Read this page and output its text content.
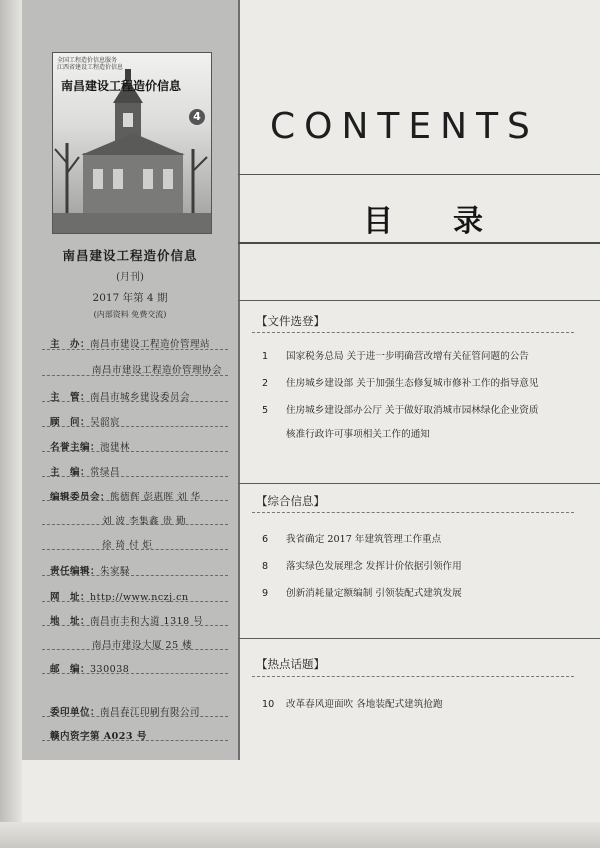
全国工程造价信息服务
江西省建设工程造价信息
南昌建设工程造价信息
4
南昌建设工程造价信息
(月刊)
2017 年第 4 期
(内部资料 免费交流)
主　办：南昌市建设工程造价管理站
南昌市建设工程造价管理协会
主　管：南昌市城乡建设委员会
顾　问：吴韶宸
名誉主编：池建林
主　编：常绿昌
编辑委员会：熊德辉 彭惠晖 刘 华
刘 波 李集鑫 贵 勤
徐 琦 付 炬
责任编辑：朱家騄
网　址：http://www.nczj.cn
地　址：南昌市丰和大道 1318 号
南昌市建设大厦 25 楼
邮　编：330038
委印单位：南昌春江印刷有限公司
赣内资字第 A023 号
CONTENTS
目录
【文件选登】
1 国家税务总局 关于进一步明确营改增有关征管问题的公告
2 住房城乡建设部 关于加强生态修复城市修补工作的指导意见
5 住房城乡建设部办公厅 关于做好取消城市园林绿化企业资质
核准行政许可事项相关工作的通知
【综合信息】
6 我省确定 2017 年建筑管理工作重点
8 落实绿色发展理念 发挥计价依据引领作用
9 创新消耗量定额编制 引领装配式建筑发展
【热点话题】
10 改革春风迎面吹 各地装配式建筑抢跑
